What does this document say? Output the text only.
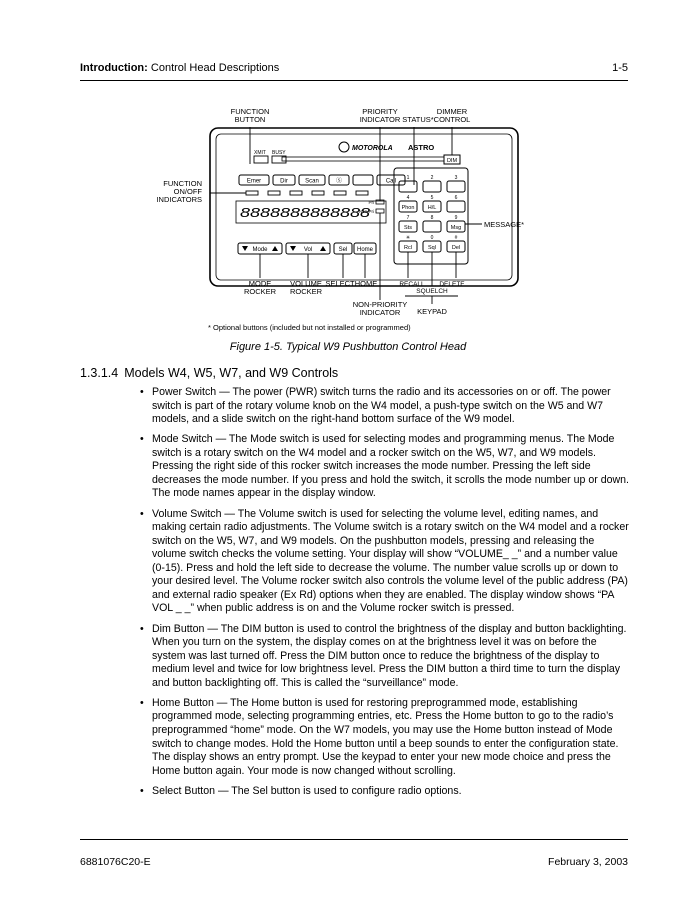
Introduction: Control Head Descriptions	1-5
FUNCTION
BUTTON
PRIORITY
INDICATOR STATUS*
DIMMER
CONTROL
FUNCTION
ON/OFF
INDICATORS
MESSAGE*
MODE
ROCKER
VOLUME
ROCKER
SELECT HOME	RECALL DELETE
SQUELCH
NON-PRIORITY
INDICATOR KEYPAD
XMIT BUSY
MOTOROLA ASTRO
DIM
8888888888888
Pri
Non Pri
Emer	Dir	Scan	Ⓢ	Call
Mode	Vol	Sel Home
1	2	3
4	5	6
7	8	9
✳	0	#
Phon H/L
Sts	Msg
Rcl	Sql	Del
* Optional buttons (included but not installed or programmed)
Figure 1-5. Typical W9 Pushbutton Control Head
1.3.1.4 Models W4, W5, W7, and W9 Controls
• Power Switch — The power (PWR) switch turns the radio and its accessories on or off. The power switch is part of the rotary volume knob on the W4 model, a push-type switch on the W5 and W7 models, and a slide switch on the right-hand bottom surface of the W9 model.
• Mode Switch — The Mode switch is used for selecting modes and programming menus. The Mode switch is a rotary switch on the W4 model and a rocker switch on the W5, W7, and W9 models. Pressing the right side of this rocker switch increases the mode number. Pressing the left side decreases the mode number. If you press and hold the switch, it scrolls the mode number up or down. The mode names appear in the display window.
• Volume Switch — The Volume switch is used for selecting the volume level, editing names, and making certain radio adjustments. The Volume switch is a rotary switch on the W4 model and a rocker switch on the W5, W7, and W9 models. On the pushbutton models, pressing and releasing the volume switch checks the volume setting. Your display will show “VOLUME_ _” and a number value (0-15). Press and hold the left side to decrease the volume. The number value scrolls up or down to your desired level. The Volume rocker switch also controls the volume level of the public address (PA) and external radio speaker (Ex Rd) options when they are enabled. The display window shows “PA VOL _ _” when public address is on and the Volume rocker switch is pressed.
• Dim Button — The DIM button is used to control the brightness of the display and button backlighting. When you turn on the system, the display comes on at the brightness level it was on before the system was last turned off. Press the DIM button once to reduce the brightness of the display to medium level and twice for low brightness level. Press the DIM button a third time to turn the display and button backlighting off. This is called the “surveillance” mode.
• Home Button — The Home button is used for restoring preprogrammed mode, establishing programmed mode, selecting programming entries, etc. Press the Home button to go to the radio’s preprogrammed “home” mode. On the W7 models, you may use the Home button instead of Mode switch to change modes. Hold the Home button until a beep sounds to enter the configuration state. The display shows an entry prompt. Use the keypad to enter your new mode choice and press the Home button again. Your mode is now changed without scrolling.
• Select Button — The Sel button is used to configure radio options.
6881076C20-E	February 3, 2003
